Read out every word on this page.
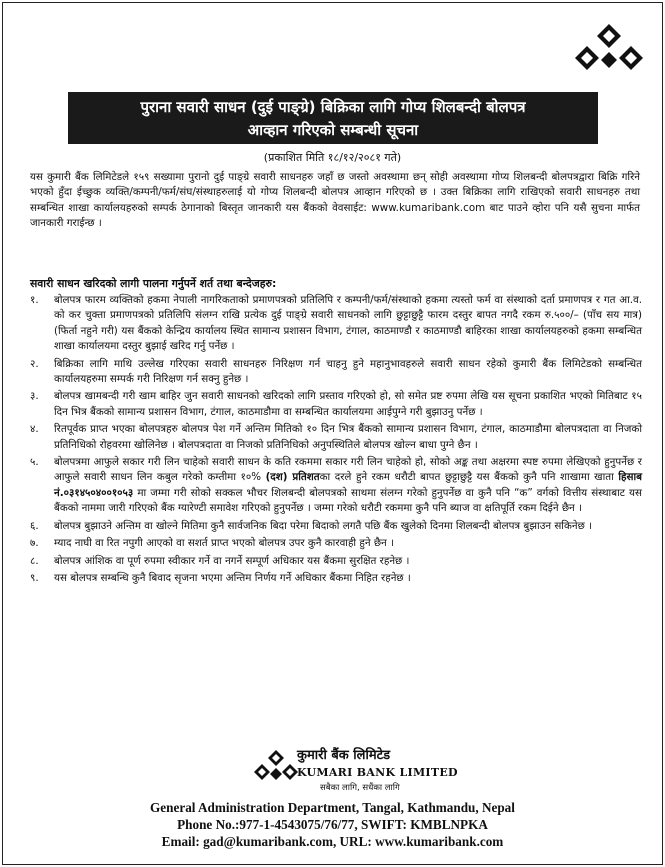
पुराना सवारी साधन (दुई पाङ्ग्रे) बिक्रिका लागि गोप्य शिलबन्दी बोलपत्र
आव्हान गरिएको सम्बन्धी सूचना
(प्रकाशित मिति १८/१२/२०८१ गते)
यस कुमारी बैंक लिमिटेडले १५९ सख्यामा पुरानो दुई पाङ्ग्रे सवारी साधनहरु जहाँ छ जस्तो अवस्थामा छन् सोही अवस्थामा गोप्य शिलबन्दी बोलपत्रद्वारा बिक्रि गरिने भएको हुँदा ईच्छुक व्यक्ति/कम्पनी/फर्म/संघ/संस्थाहरुलाई यो गोप्य शिलबन्दी बोलपत्र आव्हान गरिएको छ । उक्त बिक्रिका लागि राखिएको सवारी साधनहरु तथा सम्बन्धित शाखा कार्यालयहरुको सम्पर्क ठेगानाको बिस्तृत जानकारी यस बैंकको वेवसाईट: www.kumaribank.com बाट पाउने व्होरा पनि यसै सुचना मार्फत जानकारी गराईन्छ ।
सवारी साधन खरिदको लागी पालना गर्नुपर्ने शर्त तथा बन्देजहरु:
१.	बोलपत्र फारम व्यक्तिको हकमा नेपाली नागरिकताको प्रमाणपत्रको प्रतिलिपि र कम्पनी/फर्म/संस्थाको हकमा त्यस्तो फर्म वा संस्थाको दर्ता प्रमाणपत्र र गत आ.व. को कर चुक्ता प्रमाणपत्रको प्रतिलिपि संलग्न राखि प्रत्येक दुई पाङ्ग्रे सवारी साधनको लागि छुट्टाछुट्टै फारम दस्तुर बापत नगदै रकम रु.५००/– (पाँच सय मात्र) (फिर्ता नहुने गरी) यस बैंकको केन्द्रिय कार्यालय स्थित सामान्य प्रशासन विभाग, टंगाल, काठमाण्डौ र काठमाण्डौ बाहिरका शाखा कार्यालयहरुको हकमा सम्बन्धित शाखा कार्यालयमा दस्तुर बुझाई खरिद गर्नु पर्नेछ ।
२.	बिक्रिका लागि माथि उल्लेख गरिएका सवारी साधनहरु निरिक्षण गर्न चाहनु हुने महानुभावहरुले सवारी साधन रहेको कुमारी बैंक लिमिटेडको सम्बन्धित कार्यालयहरुमा सम्पर्क गरी निरिक्षण गर्न सक्नु हुनेछ ।
३.	बोलपत्र खामबन्दी गरी खाम बाहिर जुन सवारी साधनको खरिदको लागि प्रस्ताव गरिएको हो, सो समेत प्रष्ट रुपमा लेखि यस सूचना प्रकाशित भएको मितिबाट १५ दिन भित्र बैंकको सामान्य प्रशासन विभाग, टंगाल, काठमाडौमा वा सम्बन्धित कार्यालयमा आईपुग्ने गरी बुझाउनु पर्नेछ ।
४.	रितपूर्वक प्राप्त भएका बोलपत्रहरु बोलपत्र पेश गर्ने अन्तिम मितिको १० दिन भित्र बैंकको सामान्य प्रशासन विभाग, टंगाल, काठमाडौमा बोलपत्रदाता वा निजको प्रतिनिधिको रोहवरमा खोलिनेछ । बोलपत्रदाता वा निजको प्रतिनिधिको अनुपस्थितिले बोलपत्र खोल्न बाधा पुग्ने छैन ।
५.	बोलपत्रमा आफुले सकार गरी लिन चाहेको सवारी साधन के कति रकममा सकार गरी लिन चाहेको हो, सोको अङ्क तथा अक्षरमा स्पष्ट रुपमा लेखिएको हुनुपर्नेछ र आफुले सवारी साधन लिन कबुल गरेको कम्तीमा १०% (दश) प्रतिशतका दरले हुने रकम धरौटी बापत छुट्टाछुट्टै यस बैंकको कुनै पनि शाखामा खाता हिसाब नं.०३१४५०४००१०५३ मा जम्मा गरी सोको सक्कल भौचर शिलबन्दी बोलपत्रको साथमा संलग्न गरेको हुनुपर्नेछ वा कुनै पनि “क” वर्गको वित्तीय संस्थाबाट यस बैंकको नाममा जारी गरिएको बैंक ग्यारेण्टी समावेश गरिएको हुनुपर्नेछ । जम्मा गरेको धरौटी रकममा कुनै पनि ब्याज वा क्षतिपूर्ति रकम दिईने छैन ।
६.	बोलपत्र बुझाउने अन्तिम वा खोल्ने मितिमा कुनै सार्वजनिक बिदा परेमा बिदाको लगतै पछि बैंक खुलेको दिनमा शिलबन्दी बोलपत्र बुझाउन सकिनेछ ।
७.	म्याद नाघी वा रित नपुगी आएको वा सशर्त प्राप्त भएको बोलपत्र उपर कुनै कारवाही हुने छैन ।
८.	बोलपत्र आंशिक वा पूर्ण रुपमा स्वीकार गर्ने वा नगर्ने सम्पूर्ण अधिकार यस बैंकमा सुरक्षित रहनेछ ।
९.	यस बोलपत्र सम्बन्धि कुनै बिवाद सृजना भएमा अन्तिम निर्णय गर्ने अधिकार बैंकमा निहित रहनेछ ।
कुमारी बैंक लिमिटेड
KUMARI BANK LIMITED
सबैका लागि, सधैंका लागि
General Administration Department, Tangal, Kathmandu, Nepal
Phone No.:977-1-4543075/76/77, SWIFT: KMBLNPKA
Email: gad@kumaribank.com, URL: www.kumaribank.com
